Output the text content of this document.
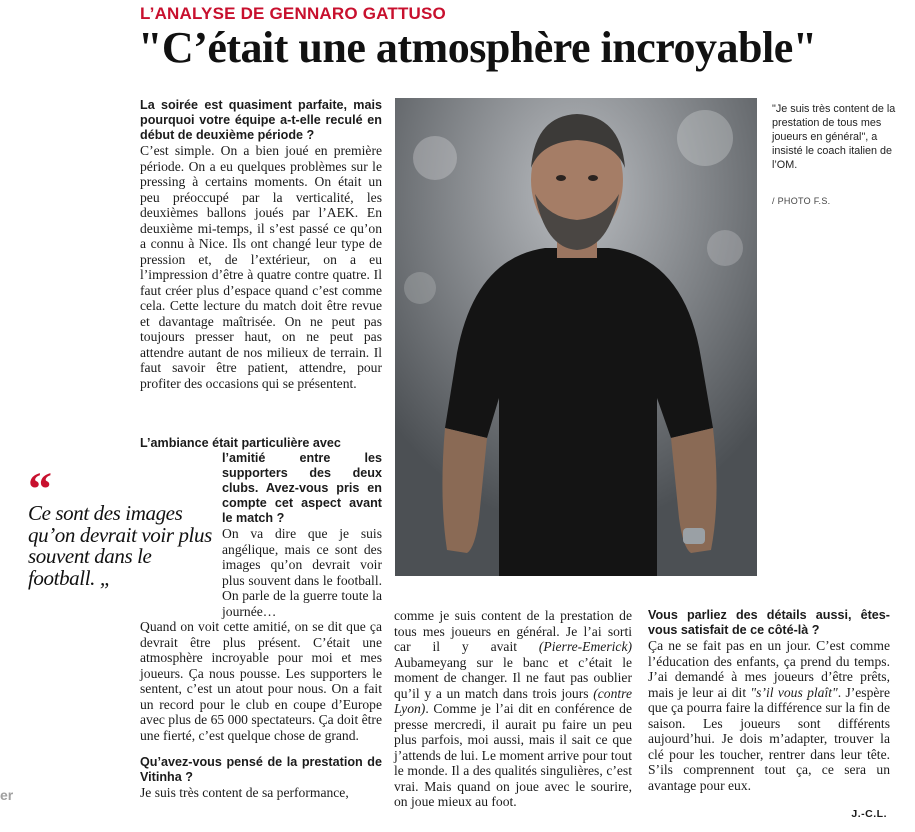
L’ANALYSE DE GENNARO GATTUSO
"C’était une atmosphère incroyable"

La soirée est quasiment parfaite, mais pourquoi votre équipe a-t-elle reculé en début de deuxième période ?

C’est simple. On a bien joué en première période. On a eu quelques problèmes sur le pressing à certains moments. On était un peu préoccupé par la verticalité, les deuxièmes ballons joués par l’AEK. En deuxième mi-temps, il s’est passé ce qu’on a connu à Nice. Ils ont changé leur type de pression et, de l’extérieur, on a eu l’impression d’être à quatre contre quatre. Il faut créer plus d’espace quand c’est comme cela. Cette lecture du match doit être revue et davantage maîtrisée. On ne peut pas toujours presser haut, on ne peut pas attendre autant de nos milieux de terrain. Il faut savoir être patient, attendre, pour profiter des occasions qui se présentent.

L’ambiance était particulière avec

l’amitié entre les supporters des deux clubs. Avez-vous pris en compte cet aspect avant le match ?

On va dire que je suis angélique, mais ce sont des images qu’on devrait voir plus souvent dans le football. On parle de la guerre toute la journée…

Quand on voit cette amitié, on se dit que ça devrait être plus présent. C’était une atmosphère incroyable pour moi et mes joueurs. Ça nous pousse. Les supporters le sentent, c’est un atout pour nous. On a fait un record pour le club en coupe d’Europe avec plus de 65 000 spectateurs. Ça doit être une fierté, c’est quelque chose de grand.

Qu’avez-vous pensé de la prestation de Vitinha ?

Je suis très content de sa performance,

comme je suis content de la prestation de tous mes joueurs en général. Je l’ai sorti car il y avait (Pierre-Emerick) Aubameyang sur le banc et c’était le moment de changer. Il ne faut pas oublier qu’il y a un match dans trois jours (contre Lyon). Comme je l’ai dit en conférence de presse mercredi, il aurait pu faire un peu plus parfois, moi aussi, mais il sait ce que j’attends de lui. Le moment arrive pour tout le monde. Il a des qualités singulières, c’est vrai. Mais quand on joue avec le sourire, on joue mieux au foot.

Vous parliez des détails aussi, êtes-vous satisfait de ce côté-là ?

Ça ne se fait pas en un jour. C’est comme l’éducation des enfants, ça prend du temps. J’ai demandé à mes joueurs d’être prêts, mais je leur ai dit "s’il vous plaît". J’espère que ça pourra faire la différence sur la fin de saison. Les joueurs sont différents aujourd’hui. Je dois m’adapter, trouver la clé pour les toucher, rentrer dans leur tête. S’ils comprennent tout ça, ce sera un avantage pour eux.

J.-C.L.
“
Ce sont des images qu’on devrait voir plus souvent dans le football. „
"Je suis très content de la prestation de tous mes joueurs en général", a insisté le coach italien de l’OM.
/ PHOTO F.S.
er
